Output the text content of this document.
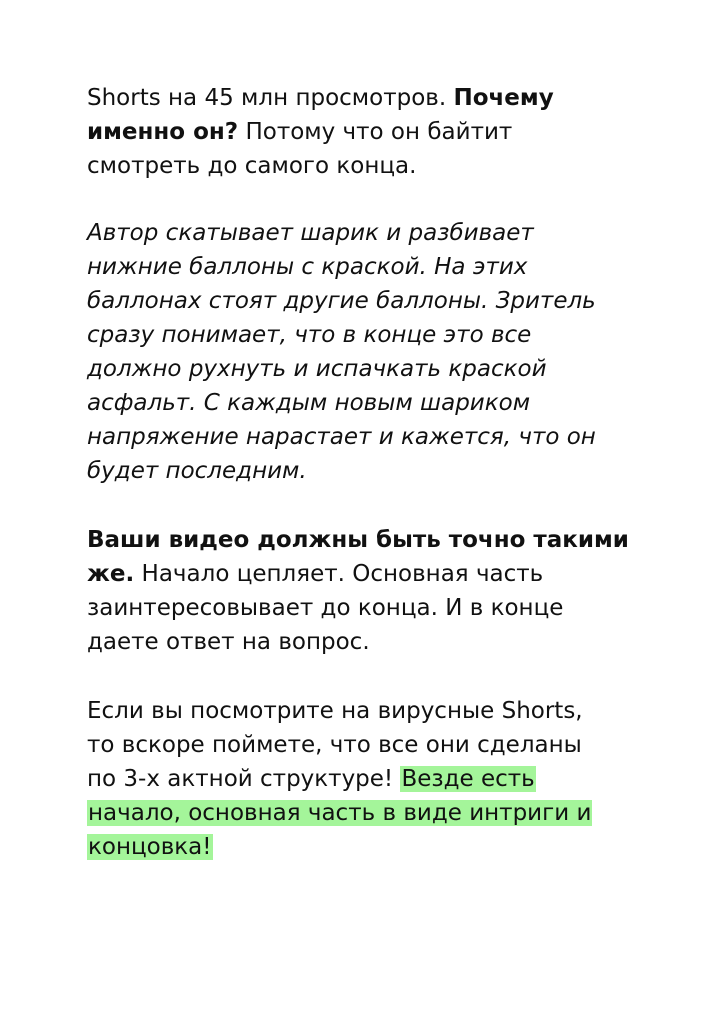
Shorts на 45 млн просмотров. Почему
именно он? Потому что он байтит
смотреть до самого конца.

Автор скатывает шарик и разбивает
нижние баллоны с краской. На этих
баллонах стоят другие баллоны. Зритель
сразу понимает, что в конце это все
должно рухнуть и испачкать краской
асфальт. С каждым новым шариком
напряжение нарастает и кажется, что он
будет последним.

Ваши видео должны быть точно такими
же. Начало цепляет. Основная часть
заинтересовывает до конца. И в конце
даете ответ на вопрос.

Если вы посмотрите на вирусные Shorts,
то вскоре поймете, что все они сделаны
по 3-х актной структуре! Везде есть
начало, основная часть в виде интриги и
концовка!
